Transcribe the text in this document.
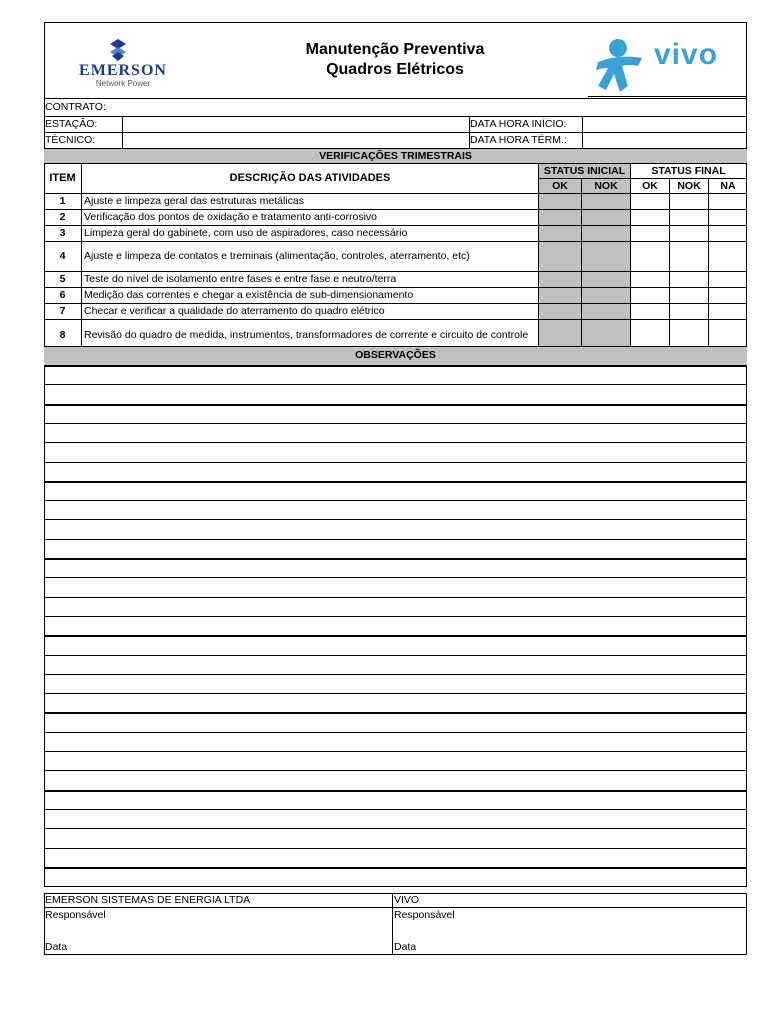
EMERSON
Network Power
Manutenção Preventiva
Quadros Elétricos	vivo
CONTRATO:
ESTAÇÃO:	DATA HORA INÍCIO:
TÉCNICO:	DATA HORA TÉRM.:
VERIFICAÇÕES TRIMESTRAIS
ITEM	DESCRIÇÃO DAS ATIVIDADES
STATUS INICIAL	STATUS FINAL
OK	NOK	OK	NOK	NA
1	Ajuste e limpeza geral das estruturas metálicas
2	Verificação dos pontos de oxidação e tratamento anti-corrosivo
3	Limpeza geral do gabinete, com uso de aspiradores, caso necessário
4	Ajuste e limpeza de contatos e treminais (alimentação, controles, aterramento, etc)
5	Teste do nível de isolamento entre fases e entre fase e neutro/terra
6	Medição das correntes e chegar a existência de sub-dimensionamento
7	Checar e verificar a qualidade do aterramento do quadro elétrico
8	Revisão do quadro de medida, instrumentos, transformadores de corrente e circuito de controle
OBSERVAÇÕES
EMERSON SISTEMAS DE ENERGIA LTDA	VIVO
Responsável	Responsável
Data	Data
